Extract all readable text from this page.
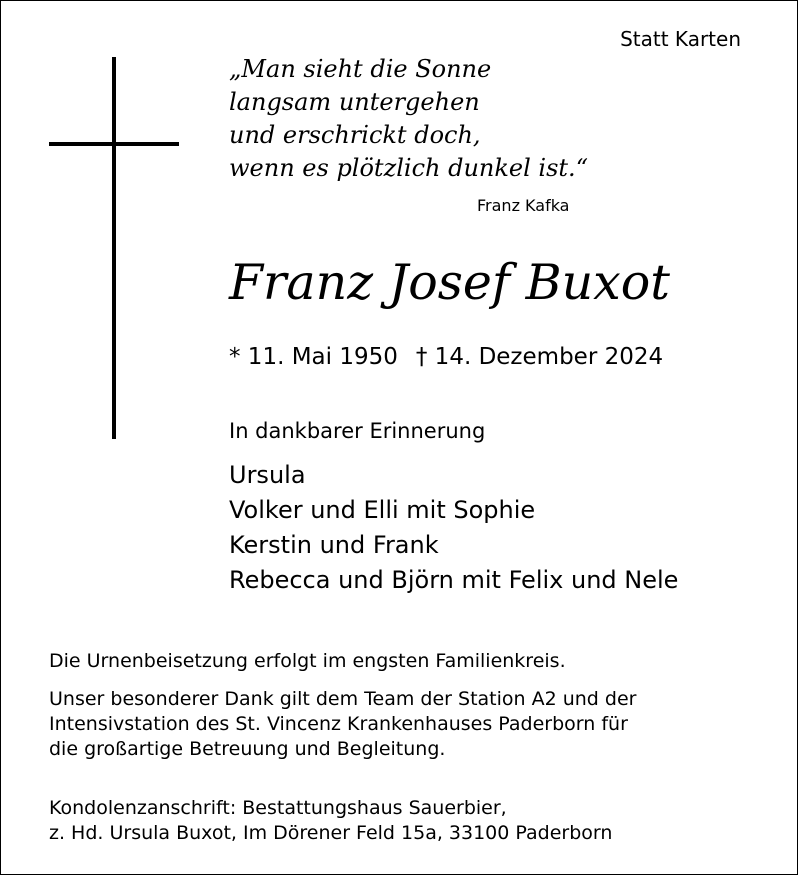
Statt Karten
„Man sieht die Sonne
langsam untergehen
und erschrickt doch,
wenn es plötzlich dunkel ist.“
Franz Kafka
Franz Josef Buxot
* 11. Mai 1950 † 14. Dezember 2024
In dankbarer Erinnerung
Ursula
Volker und Elli mit Sophie
Kerstin und Frank
Rebecca und Björn mit Felix und Nele
Die Urnenbeisetzung erfolgt im engsten Familienkreis.
Unser besonderer Dank gilt dem Team der Station A2 und der
Intensivstation des St. Vincenz Krankenhauses Paderborn für
die großartige Betreuung und Begleitung.
Kondolenzanschrift: Bestattungshaus Sauerbier,
z. Hd. Ursula Buxot, Im Dörener Feld 15a, 33100 Paderborn
